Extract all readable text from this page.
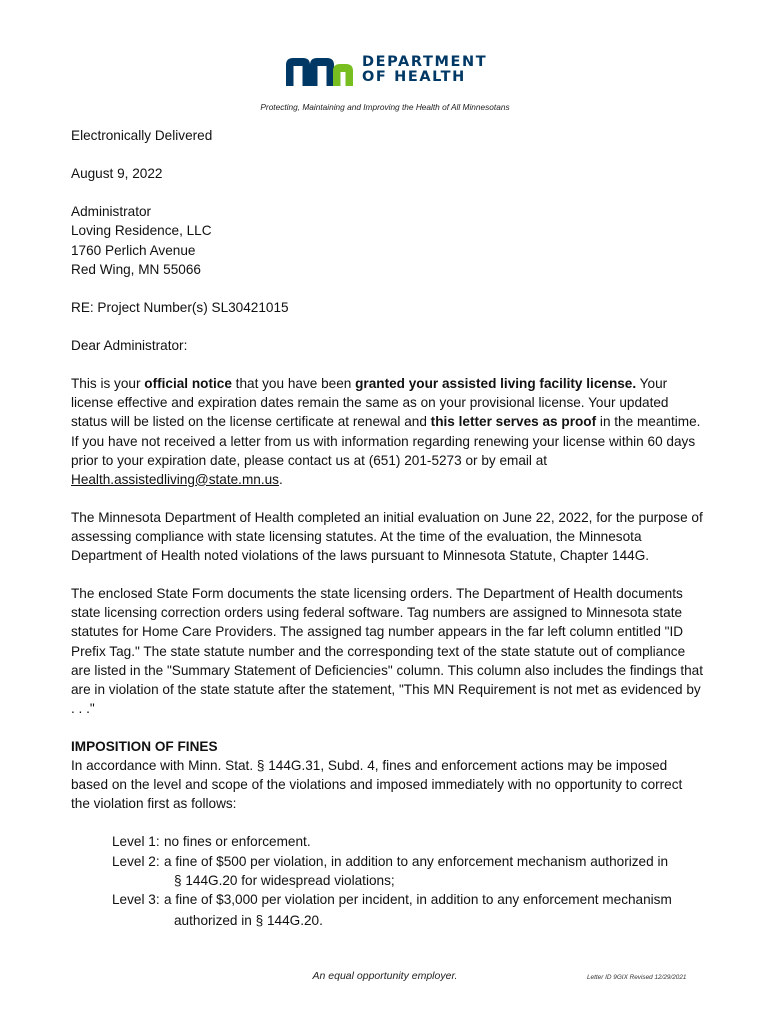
DEPARTMENT
OF HEALTH
Protecting, Maintaining and Improving the Health of All Minnesotans

Electronically Delivered

August 9, 2022

Administrator
Loving Residence, LLC
1760 Perlich Avenue
Red Wing, MN 55066

RE: Project Number(s) SL30421015

Dear Administrator:

This is your official notice that you have been granted your assisted living facility license. Your license effective and expiration dates remain the same as on your provisional license. Your updated status will be listed on the license certificate at renewal and this letter serves as proof in the meantime. If you have not received a letter from us with information regarding renewing your license within 60 days prior to your expiration date, please contact us at (651) 201-5273 or by email at Health.assistedliving@state.mn.us.

The Minnesota Department of Health completed an initial evaluation on June 22, 2022, for the purpose of assessing compliance with state licensing statutes. At the time of the evaluation, the Minnesota Department of Health noted violations of the laws pursuant to Minnesota Statute, Chapter 144G.

The enclosed State Form documents the state licensing orders. The Department of Health documents state licensing correction orders using federal software. Tag numbers are assigned to Minnesota state statutes for Home Care Providers. The assigned tag number appears in the far left column entitled "ID Prefix Tag." The state statute number and the corresponding text of the state statute out of compliance are listed in the "Summary Statement of Deficiencies" column. This column also includes the findings that are in violation of the state statute after the statement, "This MN Requirement is not met as evidenced by . . ."

IMPOSITION OF FINES
In accordance with Minn. Stat. § 144G.31, Subd. 4, fines and enforcement actions may be imposed based on the level and scope of the violations and imposed immediately with no opportunity to correct the violation first as follows:

Level 1: no fines or enforcement.
Level 2: a fine of $500 per violation, in addition to any enforcement mechanism authorized in
§ 144G.20 for widespread violations;
Level 3: a fine of $3,000 per violation per incident, in addition to any enforcement mechanism
authorized in § 144G.20.
An equal opportunity employer.	Letter ID 9GIX Revised 12/29/2021
